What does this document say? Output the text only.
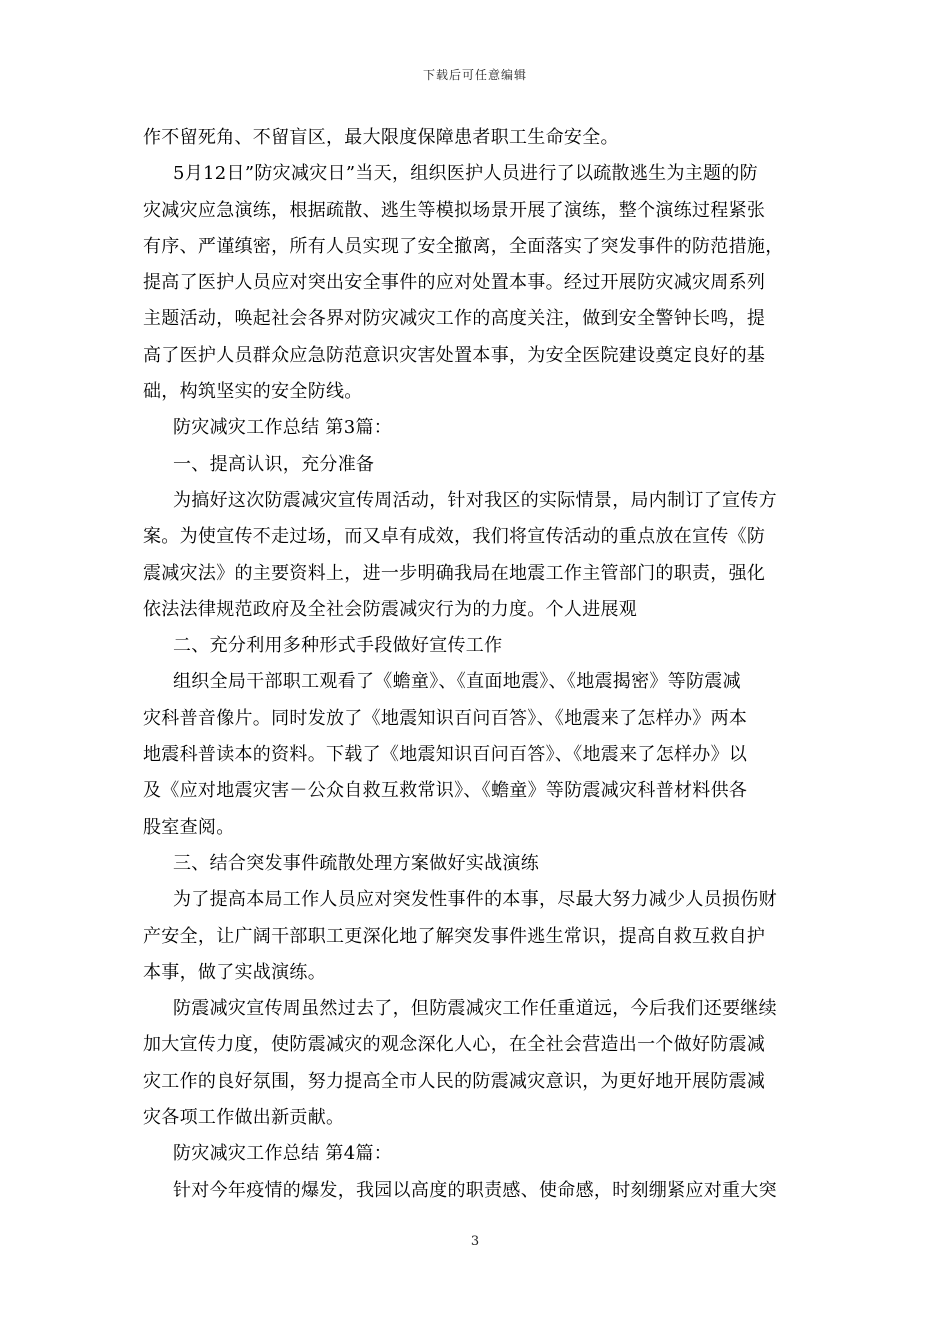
下载后可任意编辑
作不留死角、不留盲区，最大限度保障患者职工生命安全。
5月12日”防灾减灾日”当天，组织医护人员进行了以疏散逃生为主题的防
灾减灾应急演练，根据疏散、逃生等模拟场景开展了演练，整个演练过程紧张
有序、严谨缜密，所有人员实现了安全撤离，全面落实了突发事件的防范措施，
提高了医护人员应对突出安全事件的应对处置本事。经过开展防灾减灾周系列
主题活动，唤起社会各界对防灾减灾工作的高度关注，做到安全警钟长鸣，提
高了医护人员群众应急防范意识灾害处置本事，为安全医院建设奠定良好的基
础，构筑坚实的安全防线。
防灾减灾工作总结 第3篇：
一、提高认识，充分准备
为搞好这次防震减灾宣传周活动，针对我区的实际情景，局内制订了宣传方
案。为使宣传不走过场，而又卓有成效，我们将宣传活动的重点放在宣传《防
震减灾法》的主要资料上，进一步明确我局在地震工作主管部门的职责，强化
依法法律规范政府及全社会防震减灾行为的力度。个人进展观
二、充分利用多种形式手段做好宣传工作
组织全局干部职工观看了《蟾童》、《直面地震》、《地震揭密》等防震减
灾科普音像片。同时发放了《地震知识百问百答》、《地震来了怎样办》两本
地震科普读本的资料。下载了《地震知识百问百答》、《地震来了怎样办》以
及《应对地震灾害－公众自救互救常识》、《蟾童》等防震减灾科普材料供各
股室查阅。
三、结合突发事件疏散处理方案做好实战演练
为了提高本局工作人员应对突发性事件的本事，尽最大努力减少人员损伤财
产安全，让广阔干部职工更深化地了解突发事件逃生常识，提高自救互救自护
本事，做了实战演练。
防震减灾宣传周虽然过去了，但防震减灾工作任重道远，今后我们还要继续
加大宣传力度，使防震减灾的观念深化人心，在全社会营造出一个做好防震减
灾工作的良好氛围，努力提高全市人民的防震减灾意识，为更好地开展防震减
灾各项工作做出新贡献。
防灾减灾工作总结 第4篇：
针对今年疫情的爆发，我园以高度的职责感、使命感，时刻绷紧应对重大突
3
